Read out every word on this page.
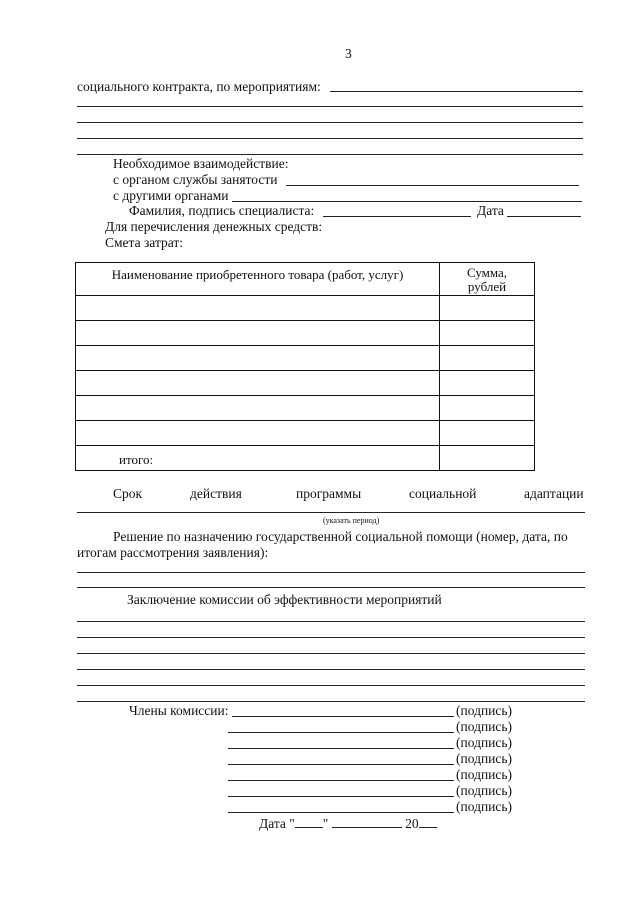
3
социального контракта, по мероприятиям:
Необходимое взаимодействие:
с органом службы занятости
с другими органами
Фамилия, подпись специалиста:	Дата
Для перечисления денежных средств:
Смета затрат:
Наименование приобретенного товара (работ, услуг)	Сумма,
рублей

итого:	
Срок	действия	программы	социальной	адаптации
(указать период)
Решение по назначению государственной социальной помощи (номер, дата, по
итогам рассмотрения заявления):
Заключение комиссии об эффективности мероприятий
Члены комиссии:	(подпись)
(подпись)
(подпись)
(подпись)
(подпись)
(подпись)
(подпись)
Дата " "	20
